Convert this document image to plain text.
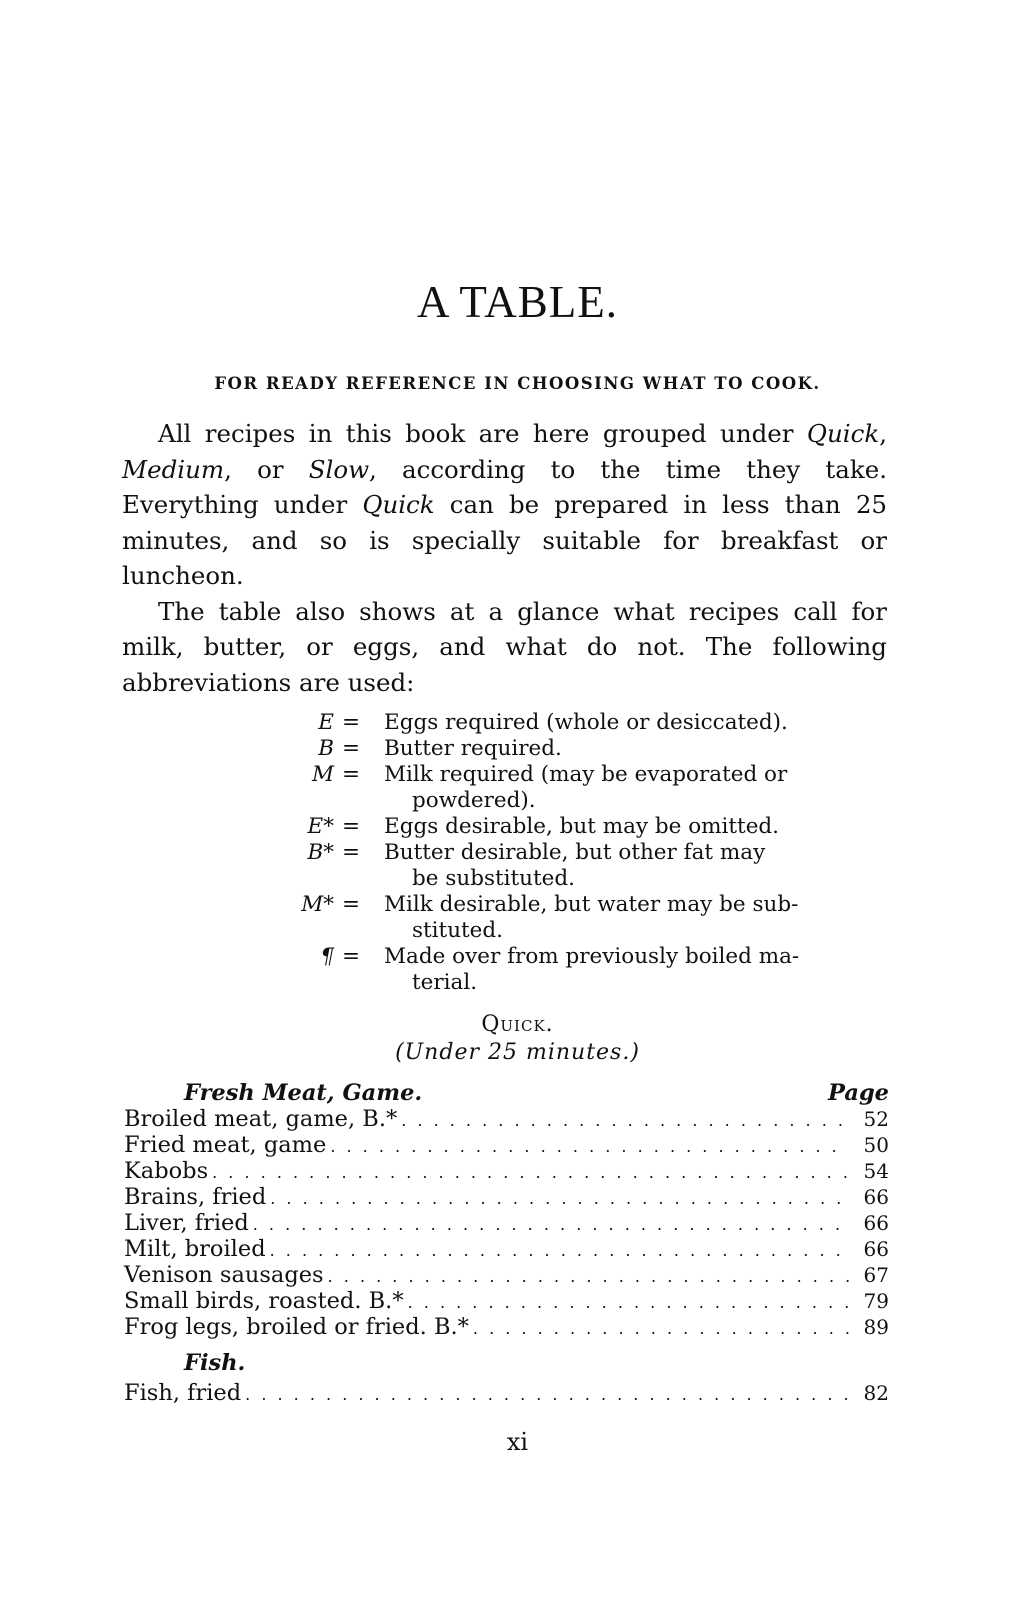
A TABLE.
FOR READY REFERENCE IN CHOOSING WHAT TO COOK.

All recipes in this book are here grouped under Quick, Medium, or Slow, according to the time they take. Everything under Quick can be prepared in less than 25 minutes, and so is specially suitable for breakfast or luncheon.

The table also shows at a glance what recipes call for milk, butter, or eggs, and what do not. The following abbreviations are used:

E =	Eggs required (whole or desiccated).
B =	Butter required.
M =	Milk required (may be evaporated or
powdered).
E* =	Eggs desirable, but may be omitted.
B* =	Butter desirable, but other fat may
be substituted.
M* =	Milk desirable, but water may be sub-
stituted.
¶ =	Made over from previously boiled ma-
terial.
Quick.
(Under 25 minutes.)
Fresh Meat, Game.	Page
Broiled meat, game, B.* . . .	52
Fried meat, game . . .	50
Kabobs . . .	54
Brains, fried . . .	66
Liver, fried . . .	66
Milt, broiled . . .	66
Venison sausages . . .	67
Small birds, roasted. B.* . . .	79
Frog legs, broiled or fried. B.* . . .	89
Fish.
Fish, fried . . .	82
xi
